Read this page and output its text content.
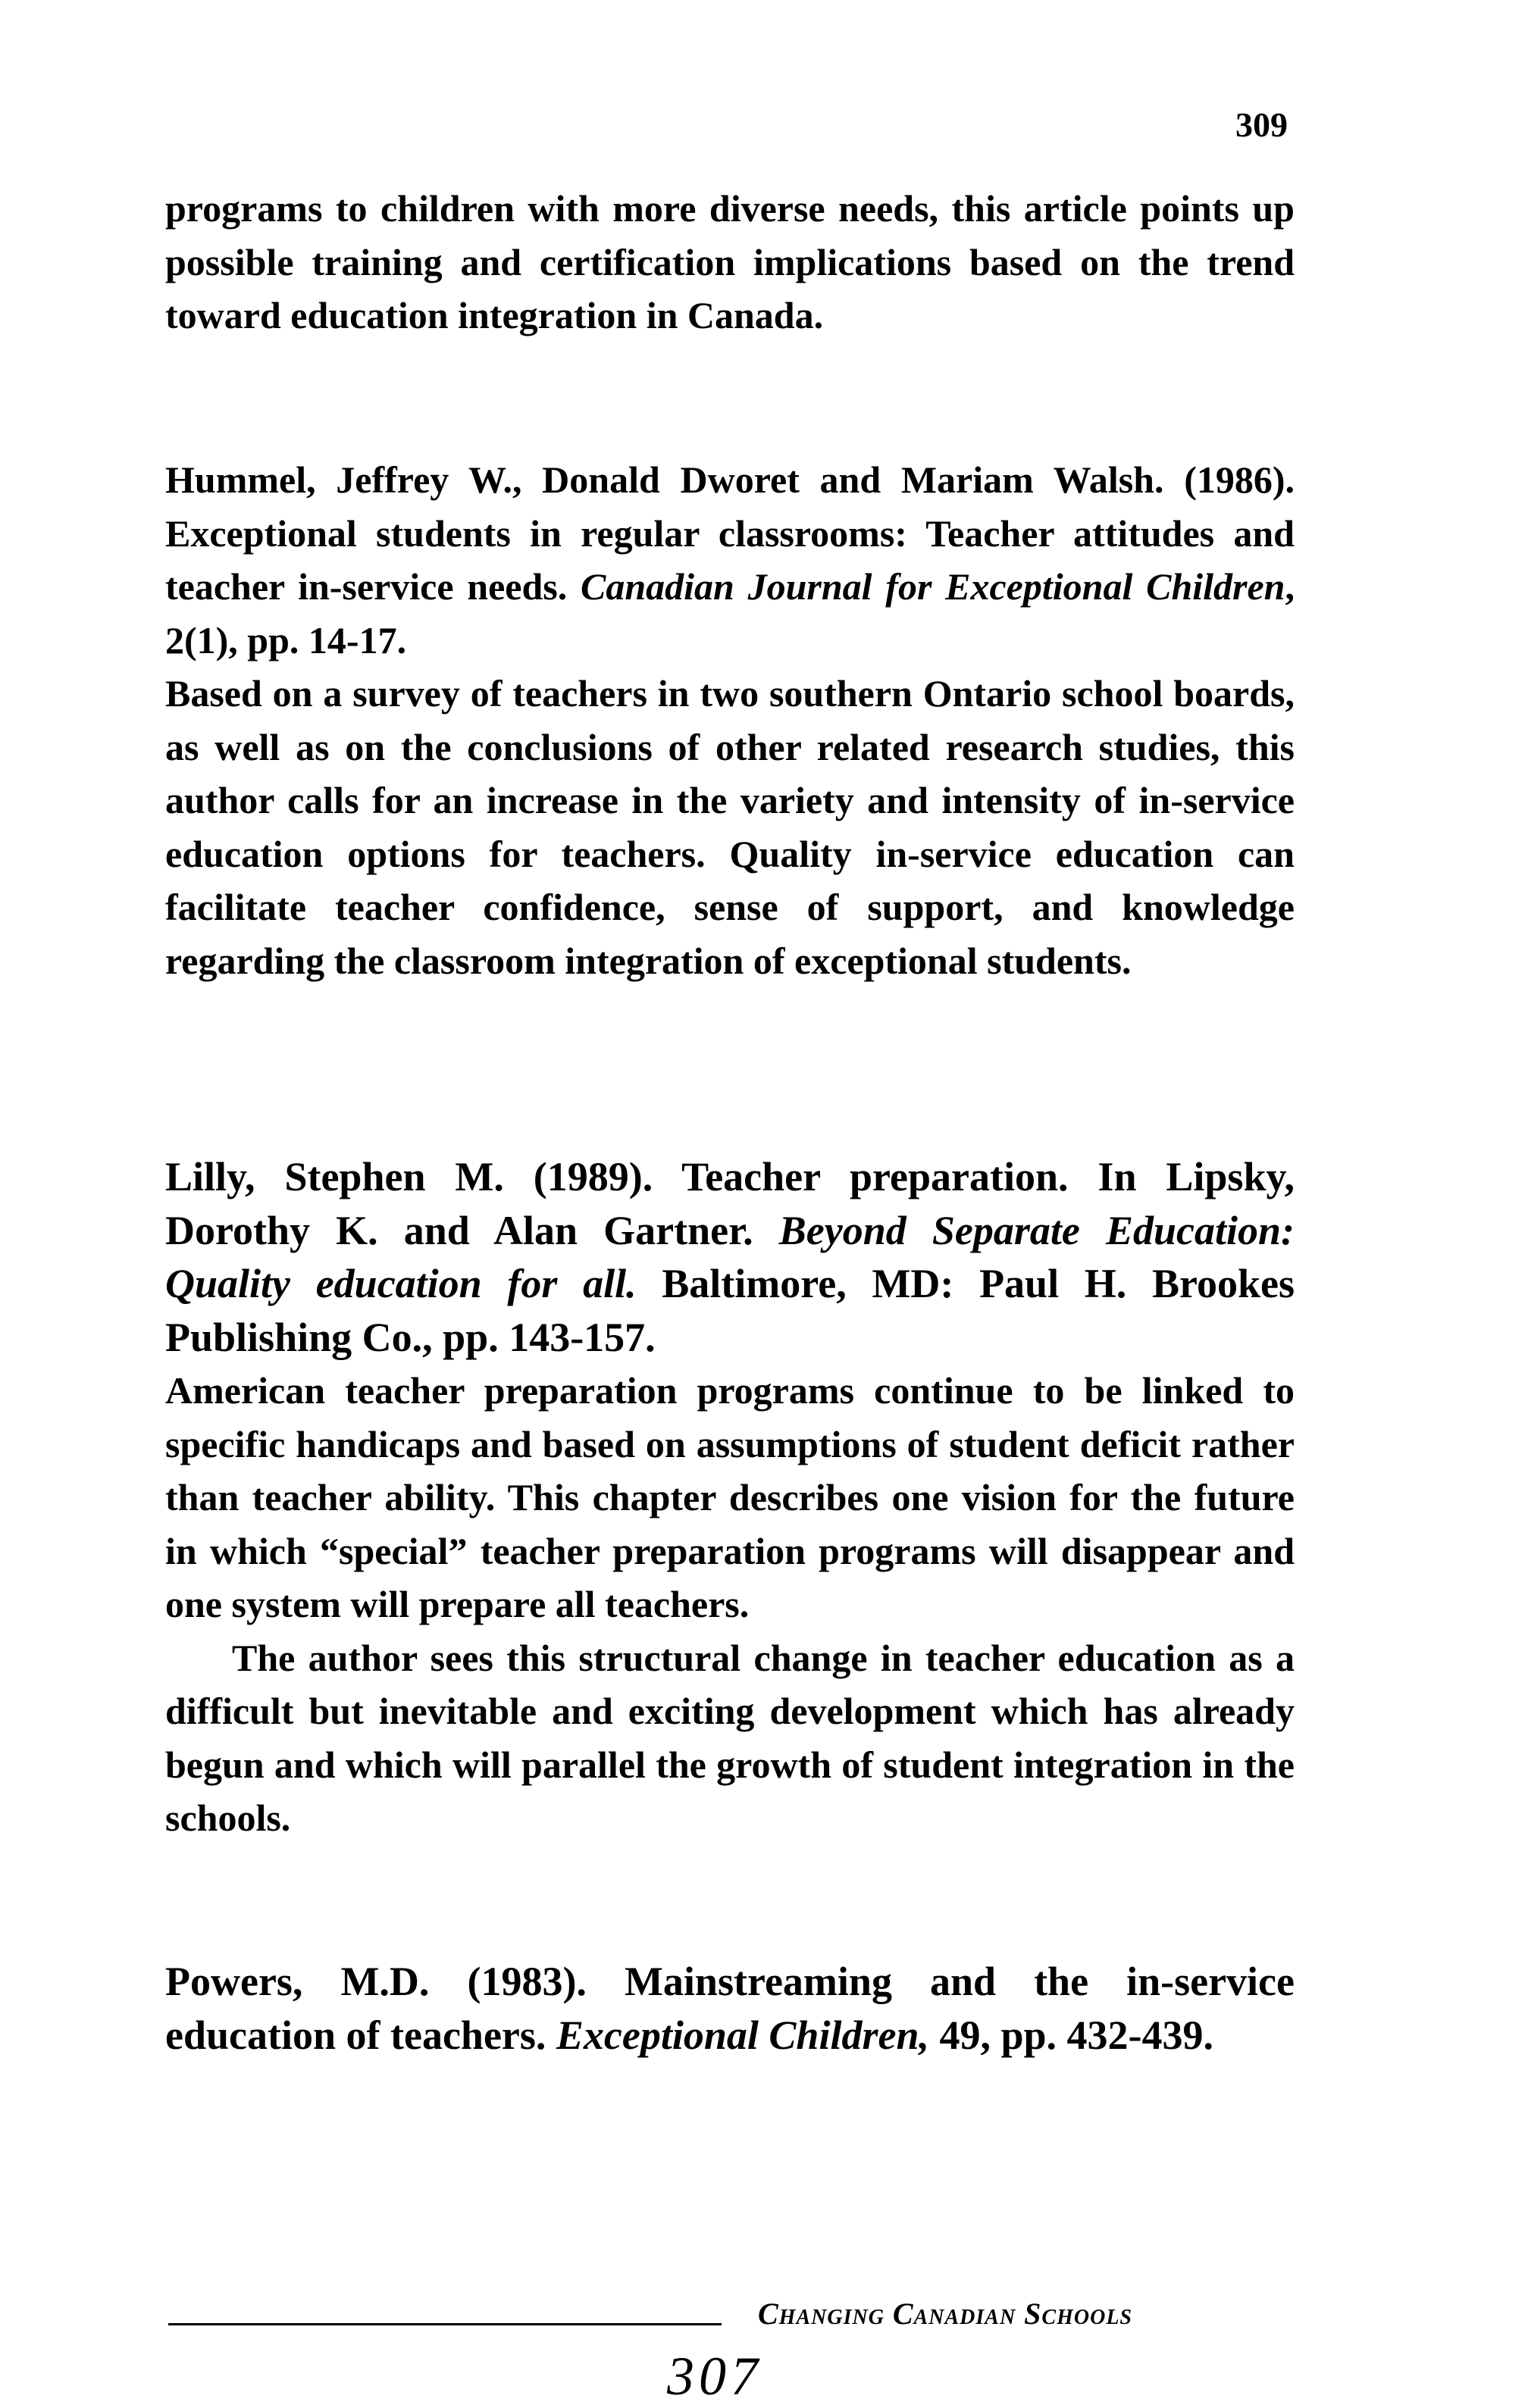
309

programs to children with more diverse needs, this article points up possible training and certification implications based on the trend toward education integration in Canada.

Hummel, Jeffrey W., Donald Dworet and Mariam Walsh. (1986). Exceptional students in regular classrooms: Teacher attitudes and teacher in-service needs. Canadian Journal for Exceptional Children, 2(1), pp. 14-17.

Based on a survey of teachers in two southern Ontario school boards, as well as on the conclusions of other related research studies, this author calls for an increase in the variety and intensity of in-service education options for teachers. Quality in-service education can facilitate teacher confidence, sense of support, and knowledge regarding the classroom integration of exceptional students.

Lilly, Stephen M. (1989). Teacher preparation. In Lipsky, Dorothy K. and Alan Gartner. Beyond Separate Education: Quality education for all. Baltimore, MD: Paul H. Brookes Publishing Co., pp. 143-157.

American teacher preparation programs continue to be linked to specific handicaps and based on assumptions of student deficit rather than teacher ability. This chapter describes one vision for the future in which “special” teacher preparation programs will disappear and one system will prepare all teachers.

The author sees this structural change in teacher education as a difficult but inevitable and exciting development which has already begun and which will parallel the growth of student integration in the schools.

Powers, M.D. (1983). Mainstreaming and the in-service education of teachers. Exceptional Children, 49, pp. 432-439.

Changing Canadian Schools
307
